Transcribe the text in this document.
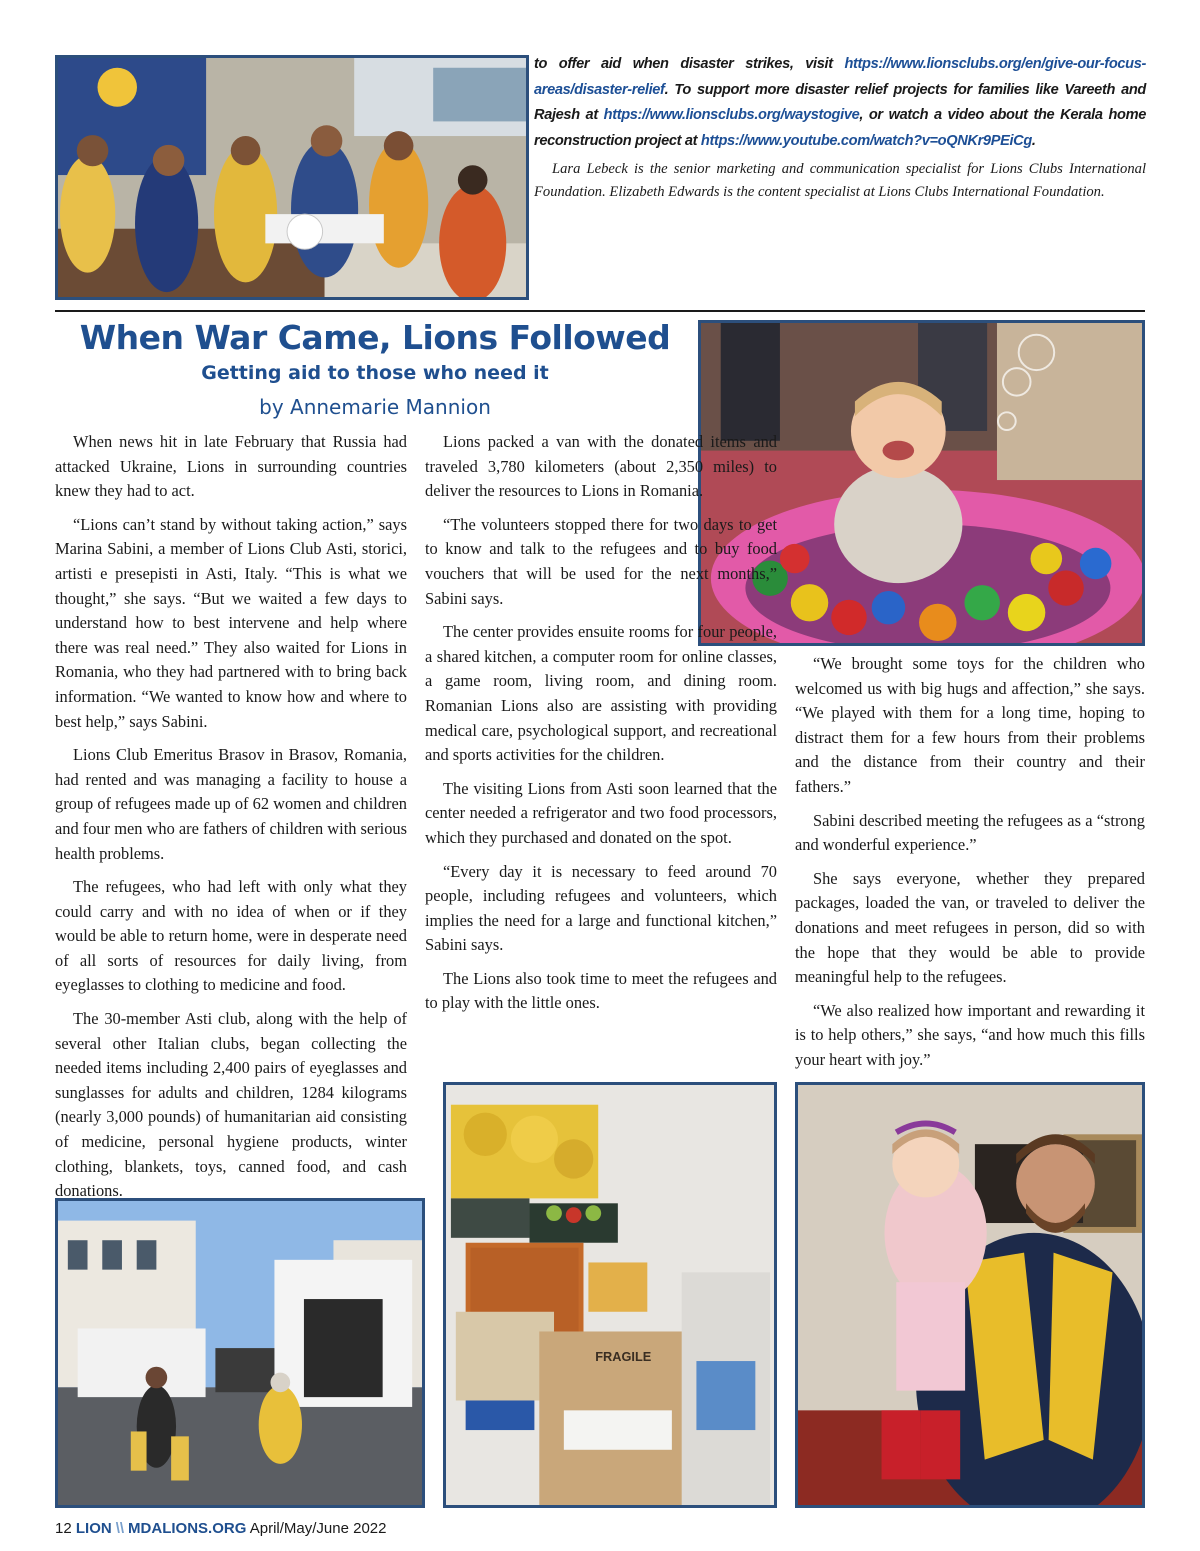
to offer aid when disaster strikes, visit https://www.lionsclubs.org/en/give-our-focus-areas/disaster-relief. To support more disaster relief projects for families like Vareeth and Rajesh at https://www.lionsclubs.org/waystogive, or watch a video about the Kerala home reconstruction project at https://www.youtube.com/watch?v=oQNKr9PEiCg.
Lara Lebeck is the senior marketing and communication specialist for Lions Clubs International Foundation. Elizabeth Edwards is the content specialist at Lions Clubs International Foundation.
When War Came, Lions Followed
Getting aid to those who need it
by Annemarie Mannion

When news hit in late February that Russia had attacked Ukraine, Lions in surrounding countries knew they had to act.

“Lions can’t stand by without taking action,” says Marina Sabini, a member of Lions Club Asti, storici, artisti e presepisti in Asti, Italy. “This is what we thought,” she says. “But we waited a few days to understand how to best intervene and help where there was real need.” They also waited for Lions in Romania, who they had partnered with to bring back information. “We wanted to know how and where to best help,” says Sabini.

Lions Club Emeritus Brasov in Brasov, Romania, had rented and was managing a facility to house a group of refugees made up of 62 women and children and four men who are fathers of children with serious health problems.

The refugees, who had left with only what they could carry and with no idea of when or if they would be able to return home, were in desperate need of all sorts of resources for daily living, from eyeglasses to clothing to medicine and food.

The 30-member Asti club, along with the help of several other Italian clubs, began collecting the needed items including 2,400 pairs of eyeglasses and sunglasses for adults and children, 1284 kilograms (nearly 3,000 pounds) of humanitarian aid consisting of medicine, personal hygiene products, winter clothing, blankets, toys, canned food, and cash donations.

Lions packed a van with the donated items and traveled 3,780 kilometers (about 2,350 miles) to deliver the resources to Lions in Romania.

“The volunteers stopped there for two days to get to know and talk to the refugees and to buy food vouchers that will be used for the next months,” Sabini says.

The center provides ensuite rooms for four people, a shared kitchen, a computer room for online classes, a game room, living room, and dining room. Romanian Lions also are assisting with providing medical care, psychological support, and recreational and sports activities for the children.

The visiting Lions from Asti soon learned that the center needed a refrigerator and two food processors, which they purchased and donated on the spot.

“Every day it is necessary to feed around 70 people, including refugees and volunteers, which implies the need for a large and functional kitchen,” Sabini says.

The Lions also took time to meet the refugees and to play with the little ones.

“We brought some toys for the children who welcomed us with big hugs and affection,” she says. “We played with them for a long time, hoping to distract them for a few hours from their problems and the distance from their country and their fathers.”

Sabini described meeting the refugees as a “strong and wonderful experience.”

She says everyone, whether they prepared packages, loaded the van, or traveled to deliver the donations and meet refugees in person, did so with the hope that they would be able to provide meaningful help to the refugees.

“We also realized how important and rewarding it is to help others,” she says, “and how much this fills your heart with joy.”

FRAGILE
12 LION \\ MDALIONS.ORG April/May/June 2022
